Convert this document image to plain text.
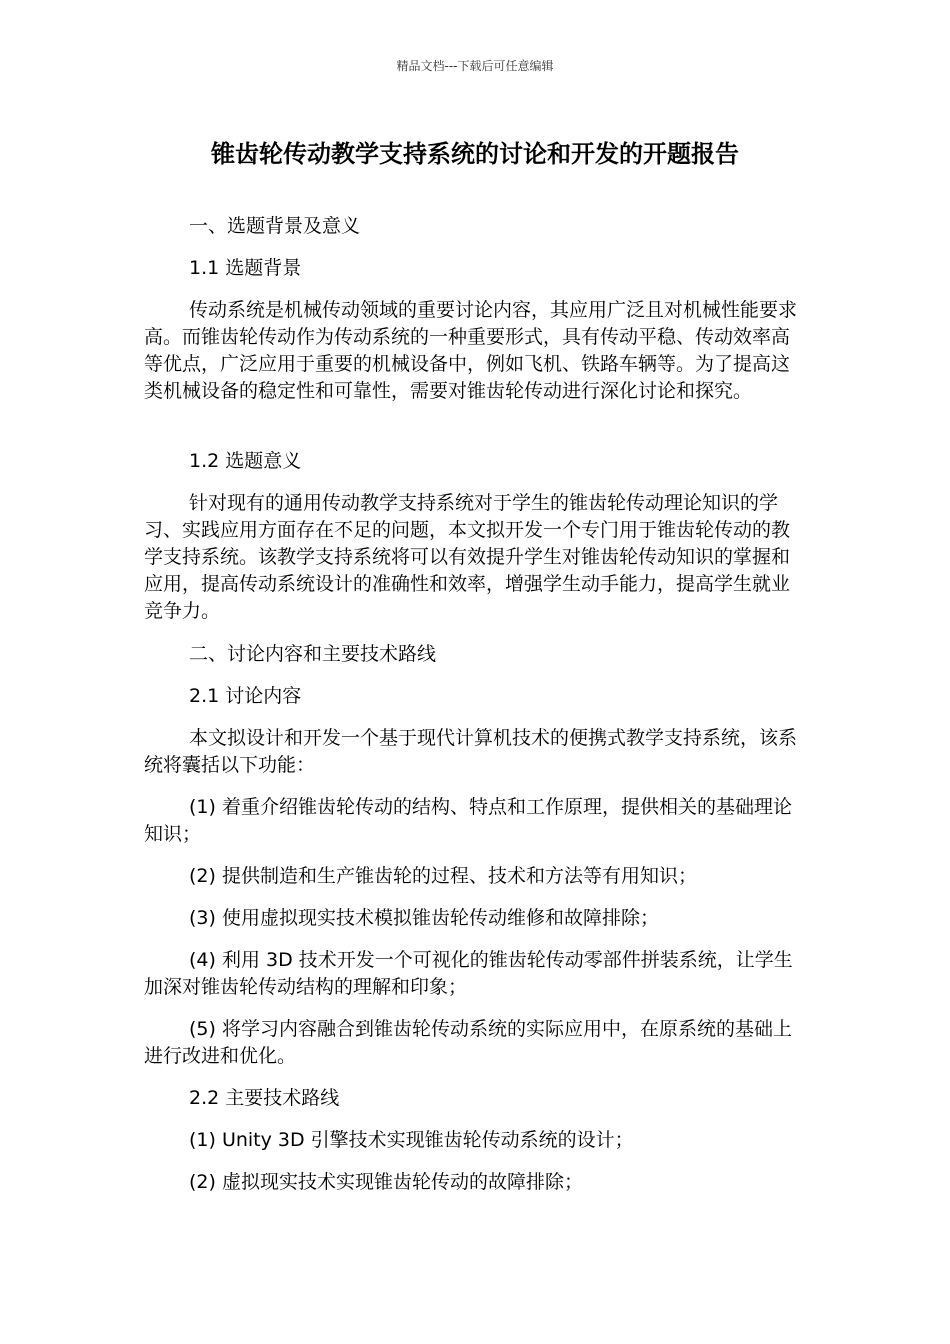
精品文档---下载后可任意编辑
锥齿轮传动教学支持系统的讨论和开发的开题报告

一、选题背景及意义

1.1 选题背景

传动系统是机械传动领域的重要讨论内容，其应用广泛且对机械性能要求高。而锥齿轮传动作为传动系统的一种重要形式，具有传动平稳、传动效率高等优点，广泛应用于重要的机械设备中，例如飞机、铁路车辆等。为了提高这类机械设备的稳定性和可靠性，需要对锥齿轮传动进行深化讨论和探究。

1.2 选题意义

针对现有的通用传动教学支持系统对于学生的锥齿轮传动理论知识的学习、实践应用方面存在不足的问题，本文拟开发一个专门用于锥齿轮传动的教学支持系统。该教学支持系统将可以有效提升学生对锥齿轮传动知识的掌握和应用，提高传动系统设计的准确性和效率，增强学生动手能力，提高学生就业竞争力。

二、讨论内容和主要技术路线

2.1 讨论内容

本文拟设计和开发一个基于现代计算机技术的便携式教学支持系统，该系统将囊括以下功能：

(1) 着重介绍锥齿轮传动的结构、特点和工作原理，提供相关的基础理论知识；

(2) 提供制造和生产锥齿轮的过程、技术和方法等有用知识；

(3) 使用虚拟现实技术模拟锥齿轮传动维修和故障排除；

(4) 利用 3D 技术开发一个可视化的锥齿轮传动零部件拼装系统，让学生加深对锥齿轮传动结构的理解和印象；

(5) 将学习内容融合到锥齿轮传动系统的实际应用中，在原系统的基础上进行改进和优化。

2.2 主要技术路线

(1) Unity 3D 引擎技术实现锥齿轮传动系统的设计；

(2) 虚拟现实技术实现锥齿轮传动的故障排除；
